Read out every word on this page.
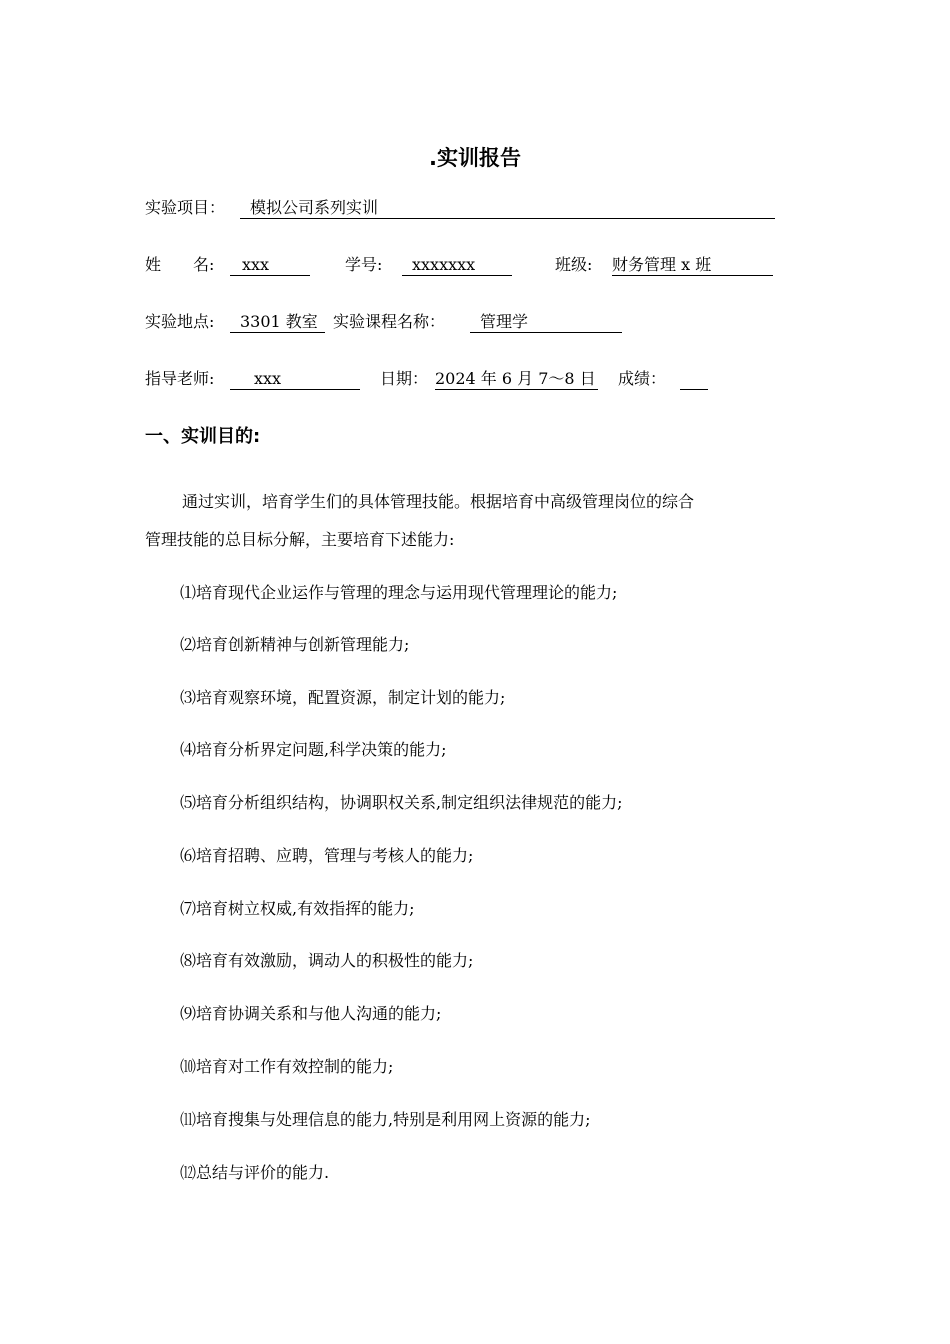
.实训报告
实验项目：	模拟公司系列实训
姓　　名:	xxx	学号:	xxxxxxx	班级: 财务管理 x 班
实验地点:	3301 教室 实验课程名称：	管理学
指导老师:	xxx	日期： 2024 年 6 月 7～8 日 成绩：
一、实训目的:
通过实训，培育学生们的具体管理技能。根据培育中高级管理岗位的综合
管理技能的总目标分解，主要培育下述能力:
⑴培育现代企业运作与管理的理念与运用现代管理理论的能力;
⑵培育创新精神与创新管理能力;
⑶培育观察环境，配置资源，制定计划的能力;
⑷培育分析界定问题,科学决策的能力;
⑸培育分析组织结构，协调职权关系,制定组织法律规范的能力;
⑹培育招聘、应聘，管理与考核人的能力;
⑺培育树立权威,有效指挥的能力;
⑻培育有效激励，调动人的积极性的能力;
⑼培育协调关系和与他人沟通的能力;
⑽培育对工作有效控制的能力;
⑾培育搜集与处理信息的能力,特别是利用网上资源的能力;
⑿总结与评价的能力.
